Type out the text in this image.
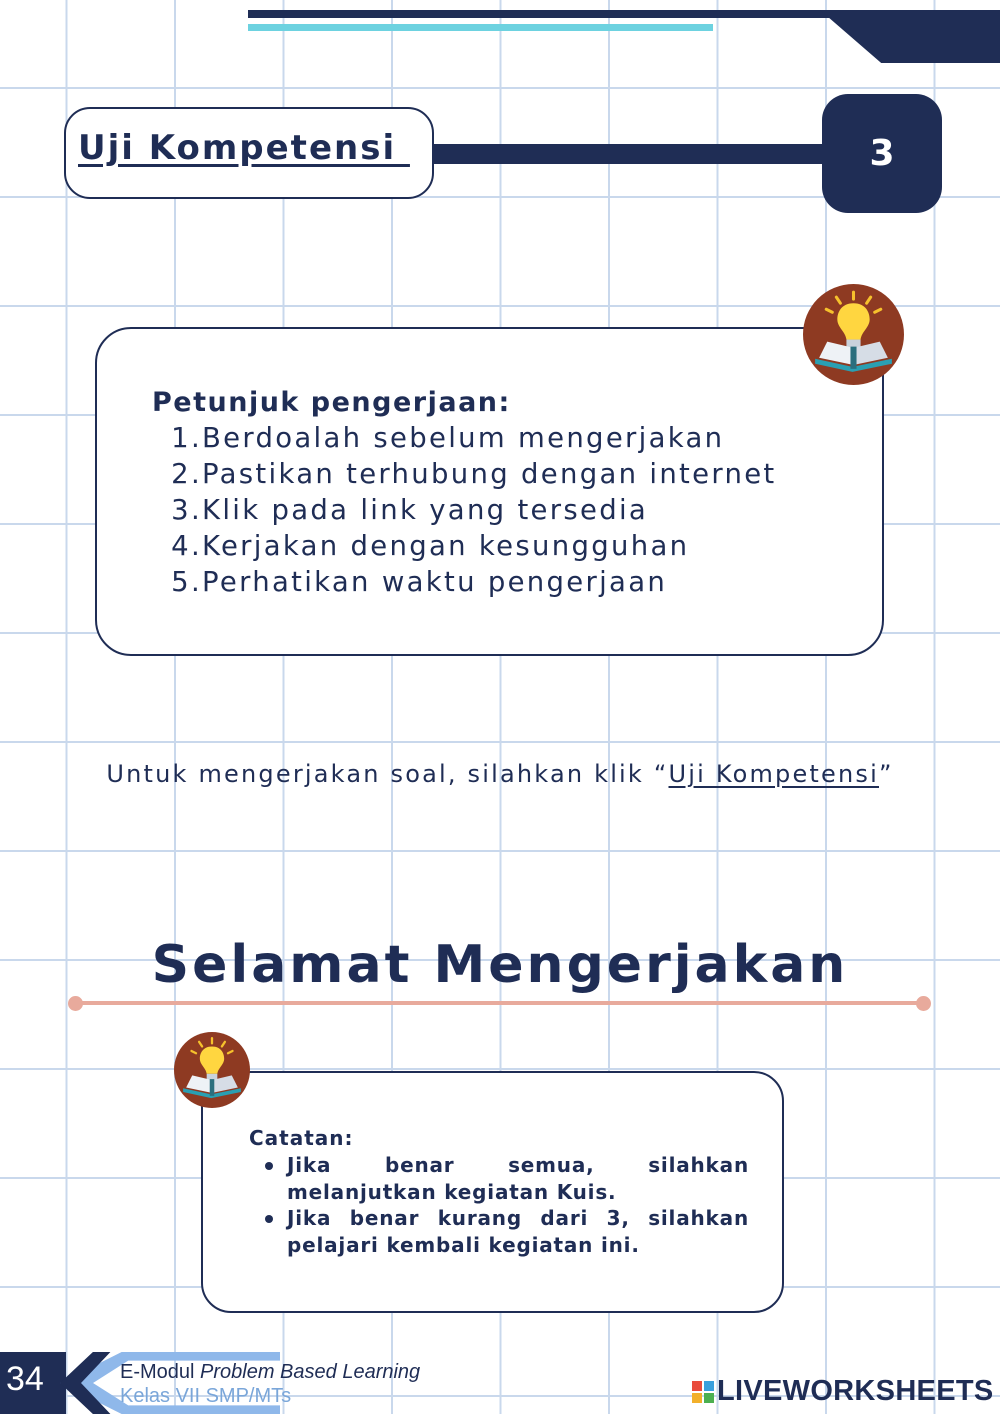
Uji Kompetensi	3
Petunjuk pengerjaan:
1.Berdoalah sebelum mengerjakan
2.Pastikan terhubung dengan internet
3.Klik pada link yang tersedia
4.Kerjakan dengan kesungguhan
5.Perhatikan waktu pengerjaan
Untuk mengerjakan soal, silahkan klik “Uji Kompetensi”
Selamat Mengerjakan
Catatan:
Jika benar semua, silahkan melanjutkan kegiatan Kuis.
Jika benar kurang dari 3, silahkan pelajari kembali kegiatan ini.
34	E-Modul Problem Based Learning
Kelas VII SMP/MTs	LIVEWORKSHEETS
